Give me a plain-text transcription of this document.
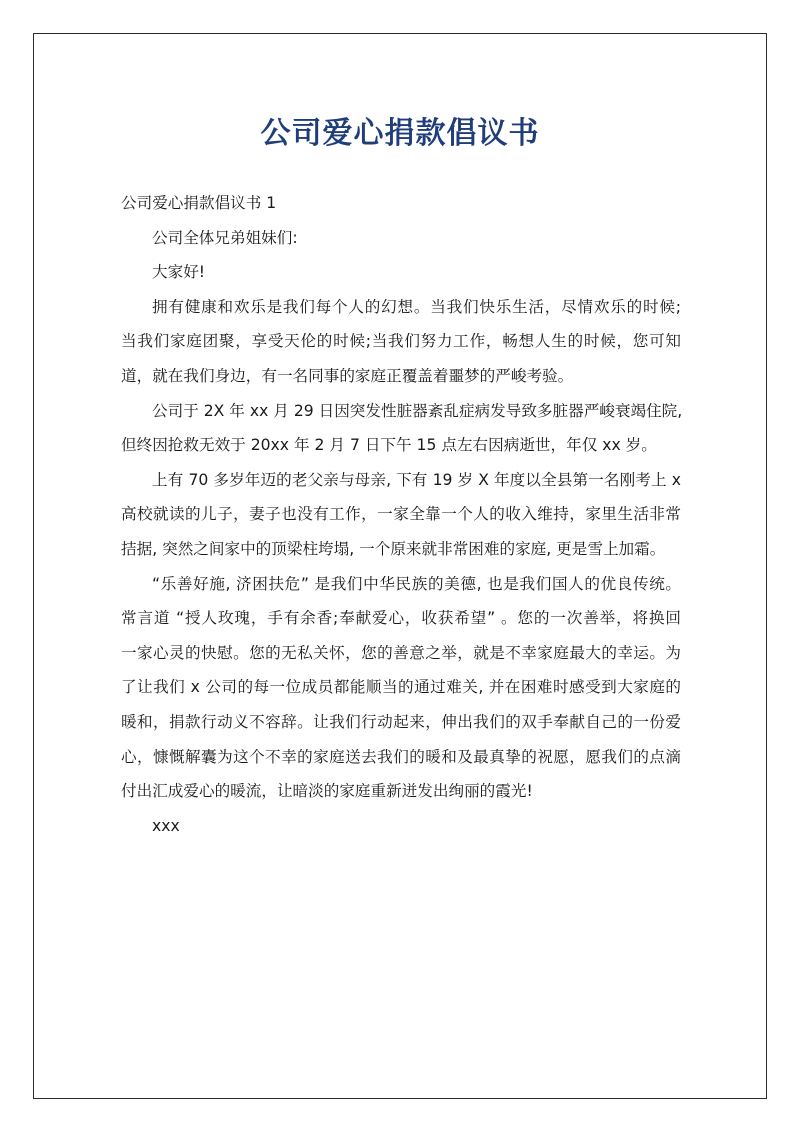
公司爱心捐款倡议书

公司爱心捐款倡议书 1

公司全体兄弟姐妹们:

大家好!

拥有健康和欢乐是我们每个人的幻想。当我们快乐生活，尽情欢乐的时候;

当我们家庭团聚，享受天伦的时候;当我们努力工作，畅想人生的时候，您可知

道，就在我们身边，有一名同事的家庭正覆盖着噩梦的严峻考验。

公司于 2X 年 xx 月 29 日因突发性脏器紊乱症病发导致多脏器严峻衰竭住院,

但终因抢救无效于 20xx 年 2 月 7 日下午 15 点左右因病逝世，年仅 xx 岁。

上有 70 多岁年迈的老父亲与母亲, 下有 19 岁 X 年度以全县第一名刚考上 x

高校就读的儿子，妻子也没有工作，一家全靠一个人的收入维持，家里生活非常

拮据, 突然之间家中的顶梁柱垮塌, 一个原来就非常困难的家庭, 更是雪上加霜。

“乐善好施, 济困扶危” 是我们中华民族的美德, 也是我们国人的优良传统。

常言道 “授人玫瑰，手有余香;奉献爱心，收获希望” 。您的一次善举，将换回

一家心灵的快慰。您的无私关怀，您的善意之举，就是不幸家庭最大的幸运。为

了让我们 x 公司的每一位成员都能顺当的通过难关, 并在困难时感受到大家庭的

暖和，捐款行动义不容辞。让我们行动起来，伸出我们的双手奉献自己的一份爱

心，慷慨解囊为这个不幸的家庭送去我们的暖和及最真挚的祝愿，愿我们的点滴

付出汇成爱心的暖流，让暗淡的家庭重新迸发出绚丽的霞光!

xxx
